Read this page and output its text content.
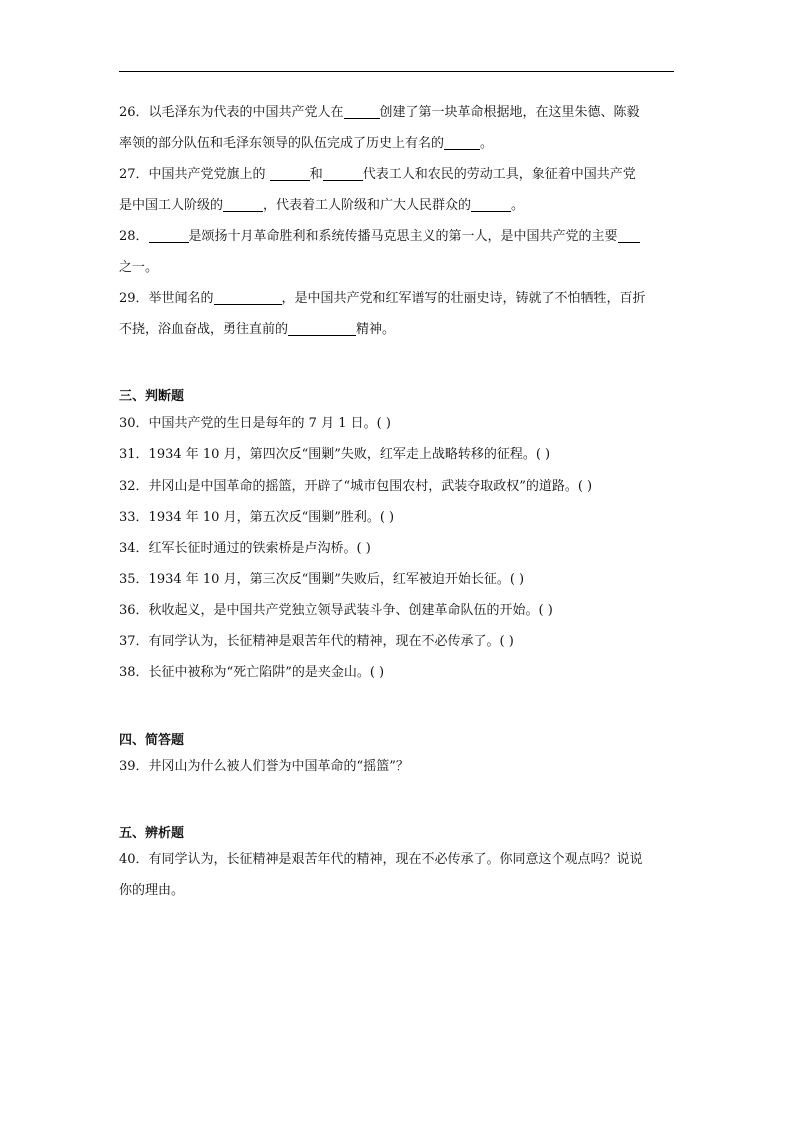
26．以毛泽东为代表的中国共产党人在	创建了第一块革命根据地，在这里朱德、陈毅
率领的部分队伍和毛泽东领导的队伍完成了历史上有名的	。
27．中国共产党党旗上的	和	代表工人和农民的劳动工具，象征着中国共产党
是中国工人阶级的	，代表着工人阶级和广大人民群众的	。
28．	是颂扬十月革命胜利和系统传播马克思主义的第一人，是中国共产党的主要
之一。
29．举世闻名的	，是中国共产党和红军谱写的壮丽史诗，铸就了不怕牺牲，百折
不挠，浴血奋战，勇往直前的	精神。
三、判断题
30．中国共产党的生日是每年的 7 月 1 日。( )
31．1934 年 10 月，第四次反“围剿”失败，红军走上战略转移的征程。( )
32．井冈山是中国革命的摇篮，开辟了“城市包围农村，武装夺取政权”的道路。( )
33．1934 年 10 月，第五次反“围剿”胜利。( )
34．红军长征时通过的铁索桥是卢沟桥。( )
35．1934 年 10 月，第三次反“围剿”失败后，红军被迫开始长征。( )
36．秋收起义，是中国共产党独立领导武装斗争、创建革命队伍的开始。( )
37．有同学认为，长征精神是艰苦年代的精神，现在不必传承了。( )
38．长征中被称为“死亡陷阱”的是夹金山。( )
四、简答题
39．井冈山为什么被人们誉为中国革命的“摇篮”？
五、辨析题
40．有同学认为，长征精神是艰苦年代的精神，现在不必传承了。你同意这个观点吗？说说
你的理由。
